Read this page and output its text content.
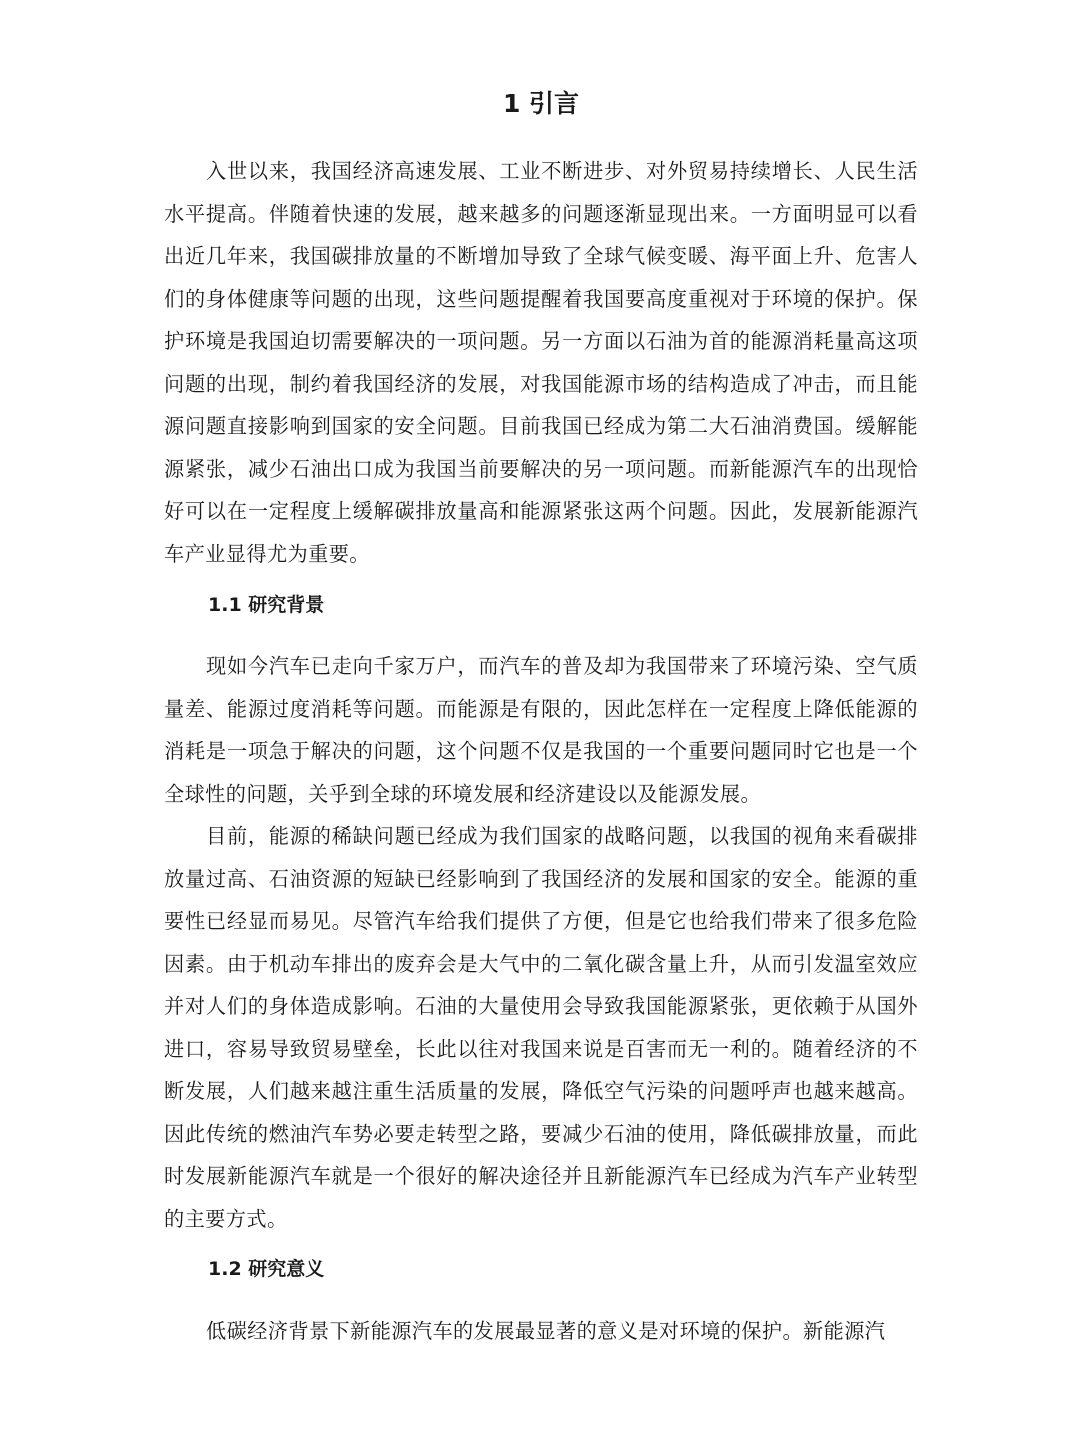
1 引言

入世以来，我国经济高速发展、工业不断进步、对外贸易持续增长、人民生活水平提高。伴随着快速的发展，越来越多的问题逐渐显现出来。一方面明显可以看出近几年来，我国碳排放量的不断增加导致了全球气候变暖、海平面上升、危害人们的身体健康等问题的出现，这些问题提醒着我国要高度重视对于环境的保护。保护环境是我国迫切需要解决的一项问题。另一方面以石油为首的能源消耗量高这项问题的出现，制约着我国经济的发展，对我国能源市场的结构造成了冲击，而且能源问题直接影响到国家的安全问题。目前我国已经成为第二大石油消费国。缓解能源紧张，减少石油出口成为我国当前要解决的另一项问题。而新能源汽车的出现恰好可以在一定程度上缓解碳排放量高和能源紧张这两个问题。因此，发展新能源汽车产业显得尤为重要。

1.1 研究背景

现如今汽车已走向千家万户，而汽车的普及却为我国带来了环境污染、空气质量差、能源过度消耗等问题。而能源是有限的，因此怎样在一定程度上降低能源的消耗是一项急于解决的问题，这个问题不仅是我国的一个重要问题同时它也是一个全球性的问题，关乎到全球的环境发展和经济建设以及能源发展。

目前，能源的稀缺问题已经成为我们国家的战略问题，以我国的视角来看碳排放量过高、石油资源的短缺已经影响到了我国经济的发展和国家的安全。能源的重要性已经显而易见。尽管汽车给我们提供了方便，但是它也给我们带来了很多危险因素。由于机动车排出的废弃会是大气中的二氧化碳含量上升，从而引发温室效应并对人们的身体造成影响。石油的大量使用会导致我国能源紧张，更依赖于从国外进口，容易导致贸易壁垒，长此以往对我国来说是百害而无一利的。随着经济的不断发展，人们越来越注重生活质量的发展，降低空气污染的问题呼声也越来越高。因此传统的燃油汽车势必要走转型之路，要减少石油的使用，降低碳排放量，而此时发展新能源汽车就是一个很好的解决途径并且新能源汽车已经成为汽车产业转型的主要方式。

1.2 研究意义

低碳经济背景下新能源汽车的发展最显著的意义是对环境的保护。新能源汽
